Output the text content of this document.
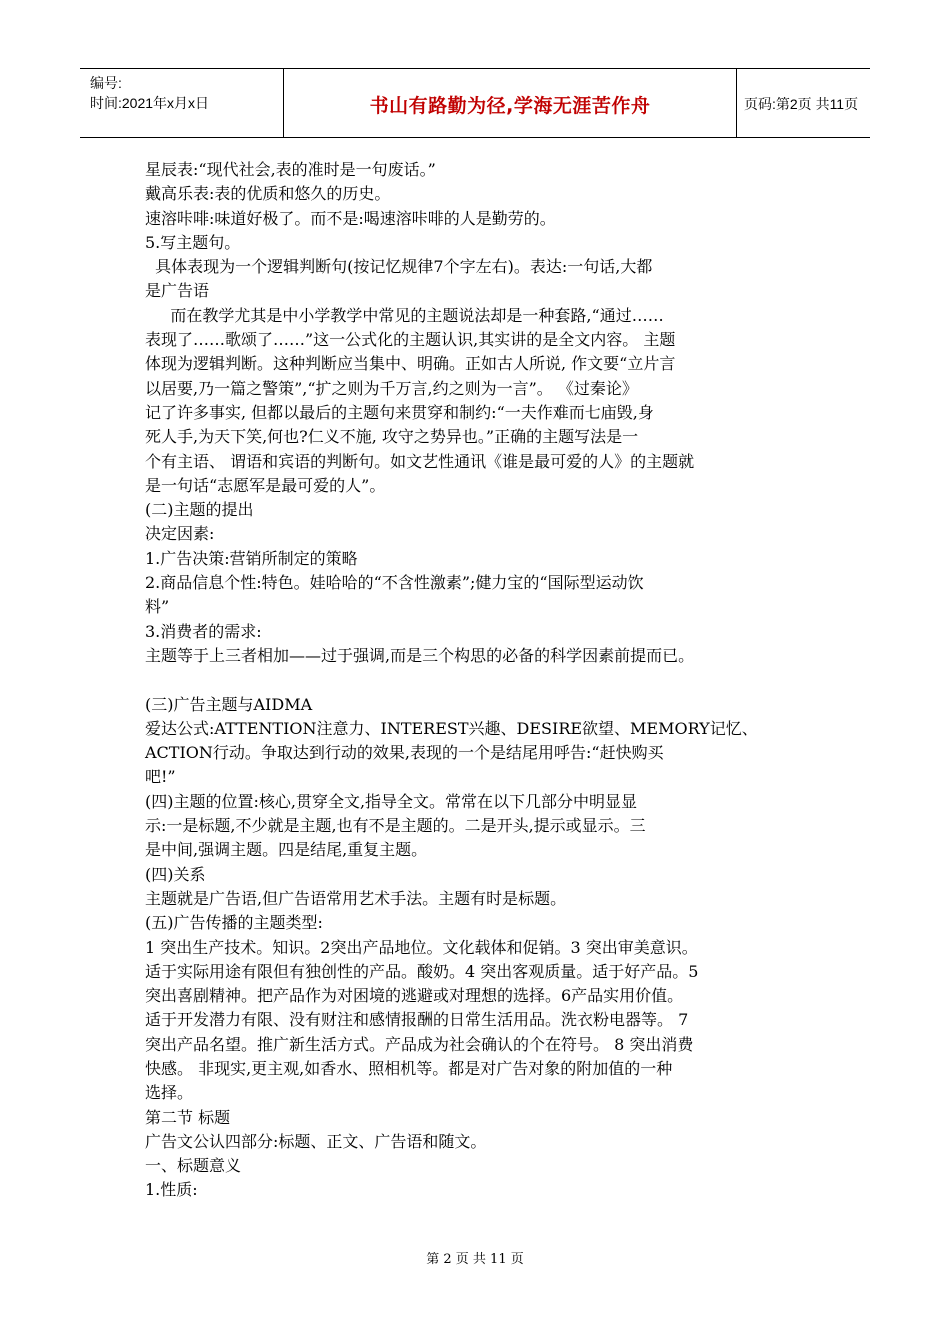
编号:
时间:2021年x月x日	书山有路勤为径,学海无涯苦作舟	页码:第2页 共11页
星辰表:“现代社会,表的准时是一句废话。”
戴高乐表:表的优质和悠久的历史。
速溶咔啡:味道好极了。而不是:喝速溶咔啡的人是勤劳的。
5.写主题句。
具体表现为一个逻辑判断句(按记忆规律7个字左右)。表达:一句话,大都
是广告语
而在教学尤其是中小学教学中常见的主题说法却是一种套路,“通过……
表现了……歌颂了……”这一公式化的主题认识,其实讲的是全文内容。 主题
体现为逻辑判断。这种判断应当集中、明确。正如古人所说, 作文要“立片言
以居要,乃一篇之警策”,“扩之则为千万言,约之则为一言”。 《过秦论》
记了许多事实, 但都以最后的主题句来贯穿和制约:“一夫作难而七庙毁,身
死人手,为天下笑,何也?仁义不施, 攻守之势异也。”正确的主题写法是一
个有主语、 谓语和宾语的判断句。如文艺性通讯《谁是最可爱的人》的主题就
是一句话“志愿军是最可爱的人”。
(二)主题的提出
决定因素:
1.广告决策:营销所制定的策略
2.商品信息个性:特色。娃哈哈的“不含性激素”;健力宝的“国际型运动饮
料”
3.消费者的需求:
主题等于上三者相加——过于强调,而是三个构思的必备的科学因素前提而已。
(三)广告主题与AIDMA
爱达公式:ATTENTION注意力、INTEREST兴趣、DESIRE欲望、MEMORY记忆、
ACTION行动。争取达到行动的效果,表现的一个是结尾用呼告:“赶快购买
吧!”
(四)主题的位置:核心,贯穿全文,指导全文。常常在以下几部分中明显显
示:一是标题,不少就是主题,也有不是主题的。二是开头,提示或显示。三
是中间,强调主题。四是结尾,重复主题。
(四)关系
主题就是广告语,但广告语常用艺术手法。主题有时是标题。
(五)广告传播的主题类型:
1 突出生产技术。知识。2突出产品地位。文化载体和促销。3 突出审美意识。
适于实际用途有限但有独创性的产品。酸奶。4 突出客观质量。适于好产品。5
突出喜剧精神。把产品作为对困境的逃避或对理想的选择。6产品实用价值。
适于开发潜力有限、没有财注和感情报酬的日常生活用品。洗衣粉电器等。 7
突出产品名望。推广新生活方式。产品成为社会确认的个在符号。 8 突出消费
快感。 非现实,更主观,如香水、照相机等。都是对广告对象的附加值的一种
选择。
第二节 标题
广告文公认四部分:标题、正文、广告语和随文。
一、标题意义
1.性质:
第 2 页 共 11 页
